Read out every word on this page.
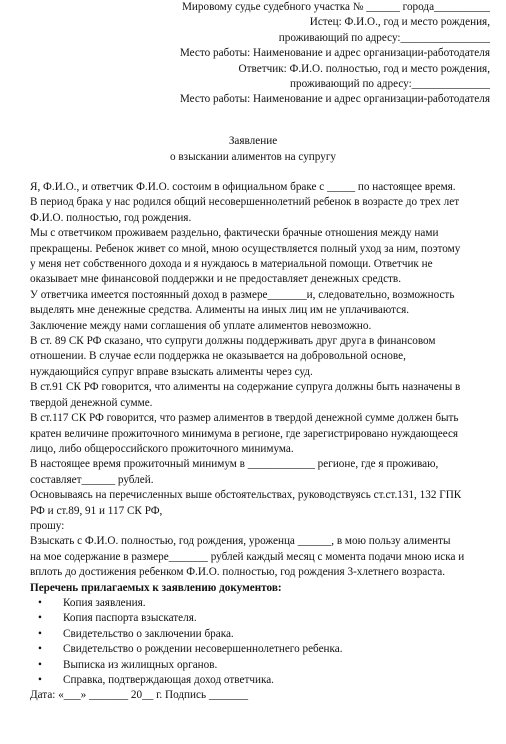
Мировому судье судебного участка № ______ города__________
Истец: Ф.И.О., год и место рождения,
проживающий по адресу:________________
Место работы: Наименование и адрес организации-работодателя
Ответчик: Ф.И.О. полностью, год и место рождения,
проживающий по адресу:______________
Место работы: Наименование и адрес организации-работодателя
Заявление
о взыскании алиментов на супругу

Я, Ф.И.О., и ответчик Ф.И.О. состоим в официальном браке с _____ по настоящее время.

В период брака у нас родился общий несовершеннолетний ребенок в возрасте до трех лет

Ф.И.О. полностью, год рождения.

Мы с ответчиком проживаем раздельно, фактически брачные отношения между нами

прекращены. Ребенок живет со мной, мною осуществляется полный уход за ним, поэтому

у меня нет собственного дохода и я нуждаюсь в материальной помощи. Ответчик не

оказывает мне финансовой поддержки и не предоставляет денежных средств.

У ответчика имеется постоянный доход в размере_______и, следовательно, возможность

выделять мне денежные средства. Алименты на иных лиц им не уплачиваются.

Заключение между нами соглашения об уплате алиментов невозможно.

В ст. 89 СК РФ сказано, что супруги должны поддерживать друг друга в финансовом

отношении. В случае если поддержка не оказывается на добровольной основе,

нуждающийся супруг вправе взыскать алименты через суд.

В ст.91 СК РФ говорится, что алименты на содержание супруга должны быть назначены в

твердой денежной сумме.

В ст.117 СК РФ говорится, что размер алиментов в твердой денежной сумме должен быть

кратен величине прожиточного минимума в регионе, где зарегистрировано нуждающееся

лицо, либо общероссийского прожиточного минимума.

В настоящее время прожиточный минимум в ____________ регионе, где я проживаю,

составляет______ рублей.

Основываясь на перечисленных выше обстоятельствах, руководствуясь ст.ст.131, 132 ГПК

РФ и ст.89, 91 и 117 СК РФ,

прошу:

Взыскать с Ф.И.О. полностью, год рождения, уроженца ______, в мою пользу алименты

на мое содержание в размере_______ рублей каждый месяц с момента подачи мною иска и

вплоть до достижения ребенком Ф.И.О. полностью, год рождения 3-хлетнего возраста.

Перечень прилагаемых к заявлению документов:

• Копия заявления.
• Копия паспорта взыскателя.
• Свидетельство о заключении брака.
• Свидетельство о рождении несовершеннолетнего ребенка.
• Выписка из жилищных органов.
• Справка, подтверждающая доход ответчика.

Дата: «___» _______ 20__ г. Подпись _______
